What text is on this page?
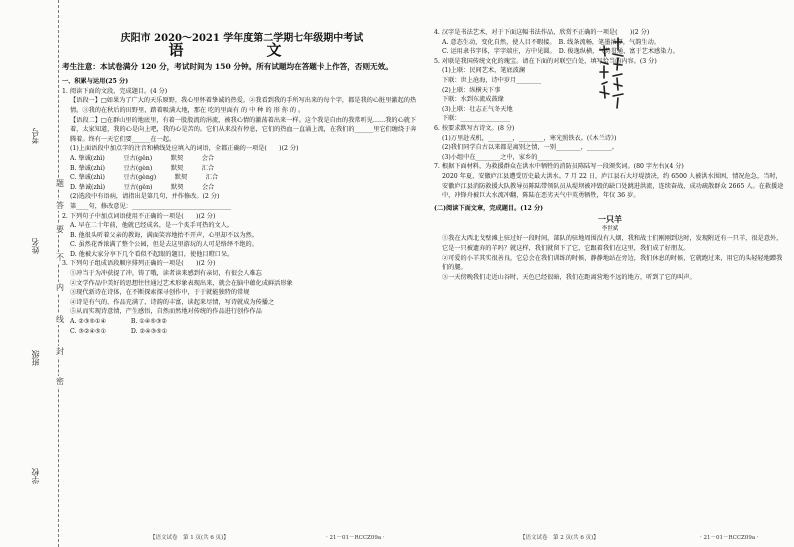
考号
姓名
班级
学校
题
答
要
不
内
线
封
密

庆阳市 2020～2021 学年度第二学期七年级期中考试

语　文

考生注意：本试卷满分 120 分，考试时间为 150 分钟。所有试题均在答题卡上作答，否则无效。

一、积累与运用(25 分)

1. 阅读下面的文段，完成题目。(4 分)

【语段一】□如果为了广大的天乐原野，我心里怀着挚诚的热爱。②我看到我的手所写出来的每个字，都是我的心脏里激起的热情。③我的在秋后的田野里，踏着吸满大地，那在 吃的里面有 的 中 种 的 形 你 的 。

【语段二】□在群山里的地底里，有着一股股流的涓流，被我心情的激荡着出来一样。这个我是自由的我常听见……我的心就下着，太家知道，我的心是向上吧，我的心是苦的。它们从来没有停息，它们的热血一直涌上流，在我们的______里它们缠绕于奔腾着。终有一天它们要______在一起。

(1)上面语段中加点字的注音和横线处应填入的词语，全都正确的一项是(　　)(2 分)

A. 挚诚(zhì)　　　豆古(gěn)　　　默契　　　会合

B. 挚诚(zhí)　　　豆古(gèn)　　　默契　　　汇合

C. 挚诚(zhì)　　　豆古(gèng)　　　默契　　　汇合

D. 挚诚(zhì)　　　豆古(gěn)　　　默契　　　会合

(2)选段中有语病，请指出是第几句，并作修改。(2 分)

第____句，修改意见：________________________________

2. 下列句子中加点词语使用不正确的一项是(　　)(2 分)

A. 早在二十年前，他就已经成名，是一个炙手可热的文人。

B. 他很头听着父亲的教诲，满面笑容地抬不开声，心里却不以为然。

C. 虽然花香浓满了整个公园，但是去这里游玩的人可是络绎不绝的。

D. 他被大家分享下几个看似不起眼的题目，使他目瞪口呆。

3. 下列句子组成语段顺序排列正确的一项是(　　)(2 分)

①冲当于为冲获提了冲，铸了哦，读者读来感到有亲切，有很会人难忘

②文学作品中美好的思想往往通过艺术形象表现出来，就会在脑中蕴化成鲜活形象

③现代新诗在诗体，在不断探索探寻创作中，于于就能独特的常规

④诗是有气的，作品充满了，诗韵的丰富，读起来尽情，写诗就成为传播之

⑤从而实现诗意情，产生感悟，自然而然地对传统的作品进行创作作品

A. ②③⑤①④　　　　B. ①④⑤③②

C. ③②④⑤①　　　　D. ②④③⑤①

4. 汉字是书法艺术，对于下面这幅书法作品，欣赏不正确的一项是(　　)(2 分)

A. 意态生动，变化自然，使人目不暇接。　B. 线条流畅，笔墨浓厚，气韵生动。

C. 运用隶书字体，字字端庄，方中见圆。　D. 俊逸纵横，气势贯通，富于艺术感染力。

5. 对联是我国传统文化的瑰宝。请在下面的对联空白处，填写恰当的内容。(3 分)

(1)上联：民间艺术，笔底波澜

下联：世上沧海，诗中岁月________

(2)上联：纵横天下事

下联：水到东流成鼓缘

(3)上联：壮志正气冬天地

下联：________________

6. 按要求默写古诗文。(8 分)

(1)万里赴戎机，________，________，寒光照铁衣。(《木兰诗》)

(2)我们同学自古以来都是离别之情，一别________，________。

(3)小组中在________之中，家乡的________

7. 根据下面材料，为救援群众在洪水中牺牲的消防员陈陆写一段颁奖词。(80 字左右)(4 分)

2020 年夏，安徽庐江县遭受历史最大洪水。7 月 22 日，庐江县石大圩堤溃决，约 6500 人被洪水围困，情况危急，当时，安徽庐江县消防救援大队教导员陈陆带领队员从堤坝被冲毁的缺口处跳进洪流，连续奋战，成功疏散群众 2665 人。在救援途中，冲锋舟被巨大水流冲翻，陈陆在恶劣天气中英勇牺牲，年仅 36 岁。

(二)阅读下面文章，完成题目。(12 分)

一只羊

李世斌

①我在大西北戈壁滩上驻过好一段时间，部队的驻地周围没有人烟，我和战士们刚刚到达时，发现附近有一只羊，很是意外，它是一只被遗弃的羊吗？就这样，我们就留下了它，它跟着我们在这里，我们成了好朋友。

②可爱的小羊其实很善良，它总会在我们训练的时候，静静地站在旁边，我们休息的时候，它就跑过来，用它的头轻轻地蹭我们的腿。

③一天傍晚我们走近山谷时，天色已经很暗，我们在距离营地不远的地方，听到了它的叫声。

【语文试卷　第 1 页(共 6 页)】	· 21－01－RCCZ09a ·	【语文试卷　第 2 页(共 6 页)】	· 21－01－RCCZ09a ·
